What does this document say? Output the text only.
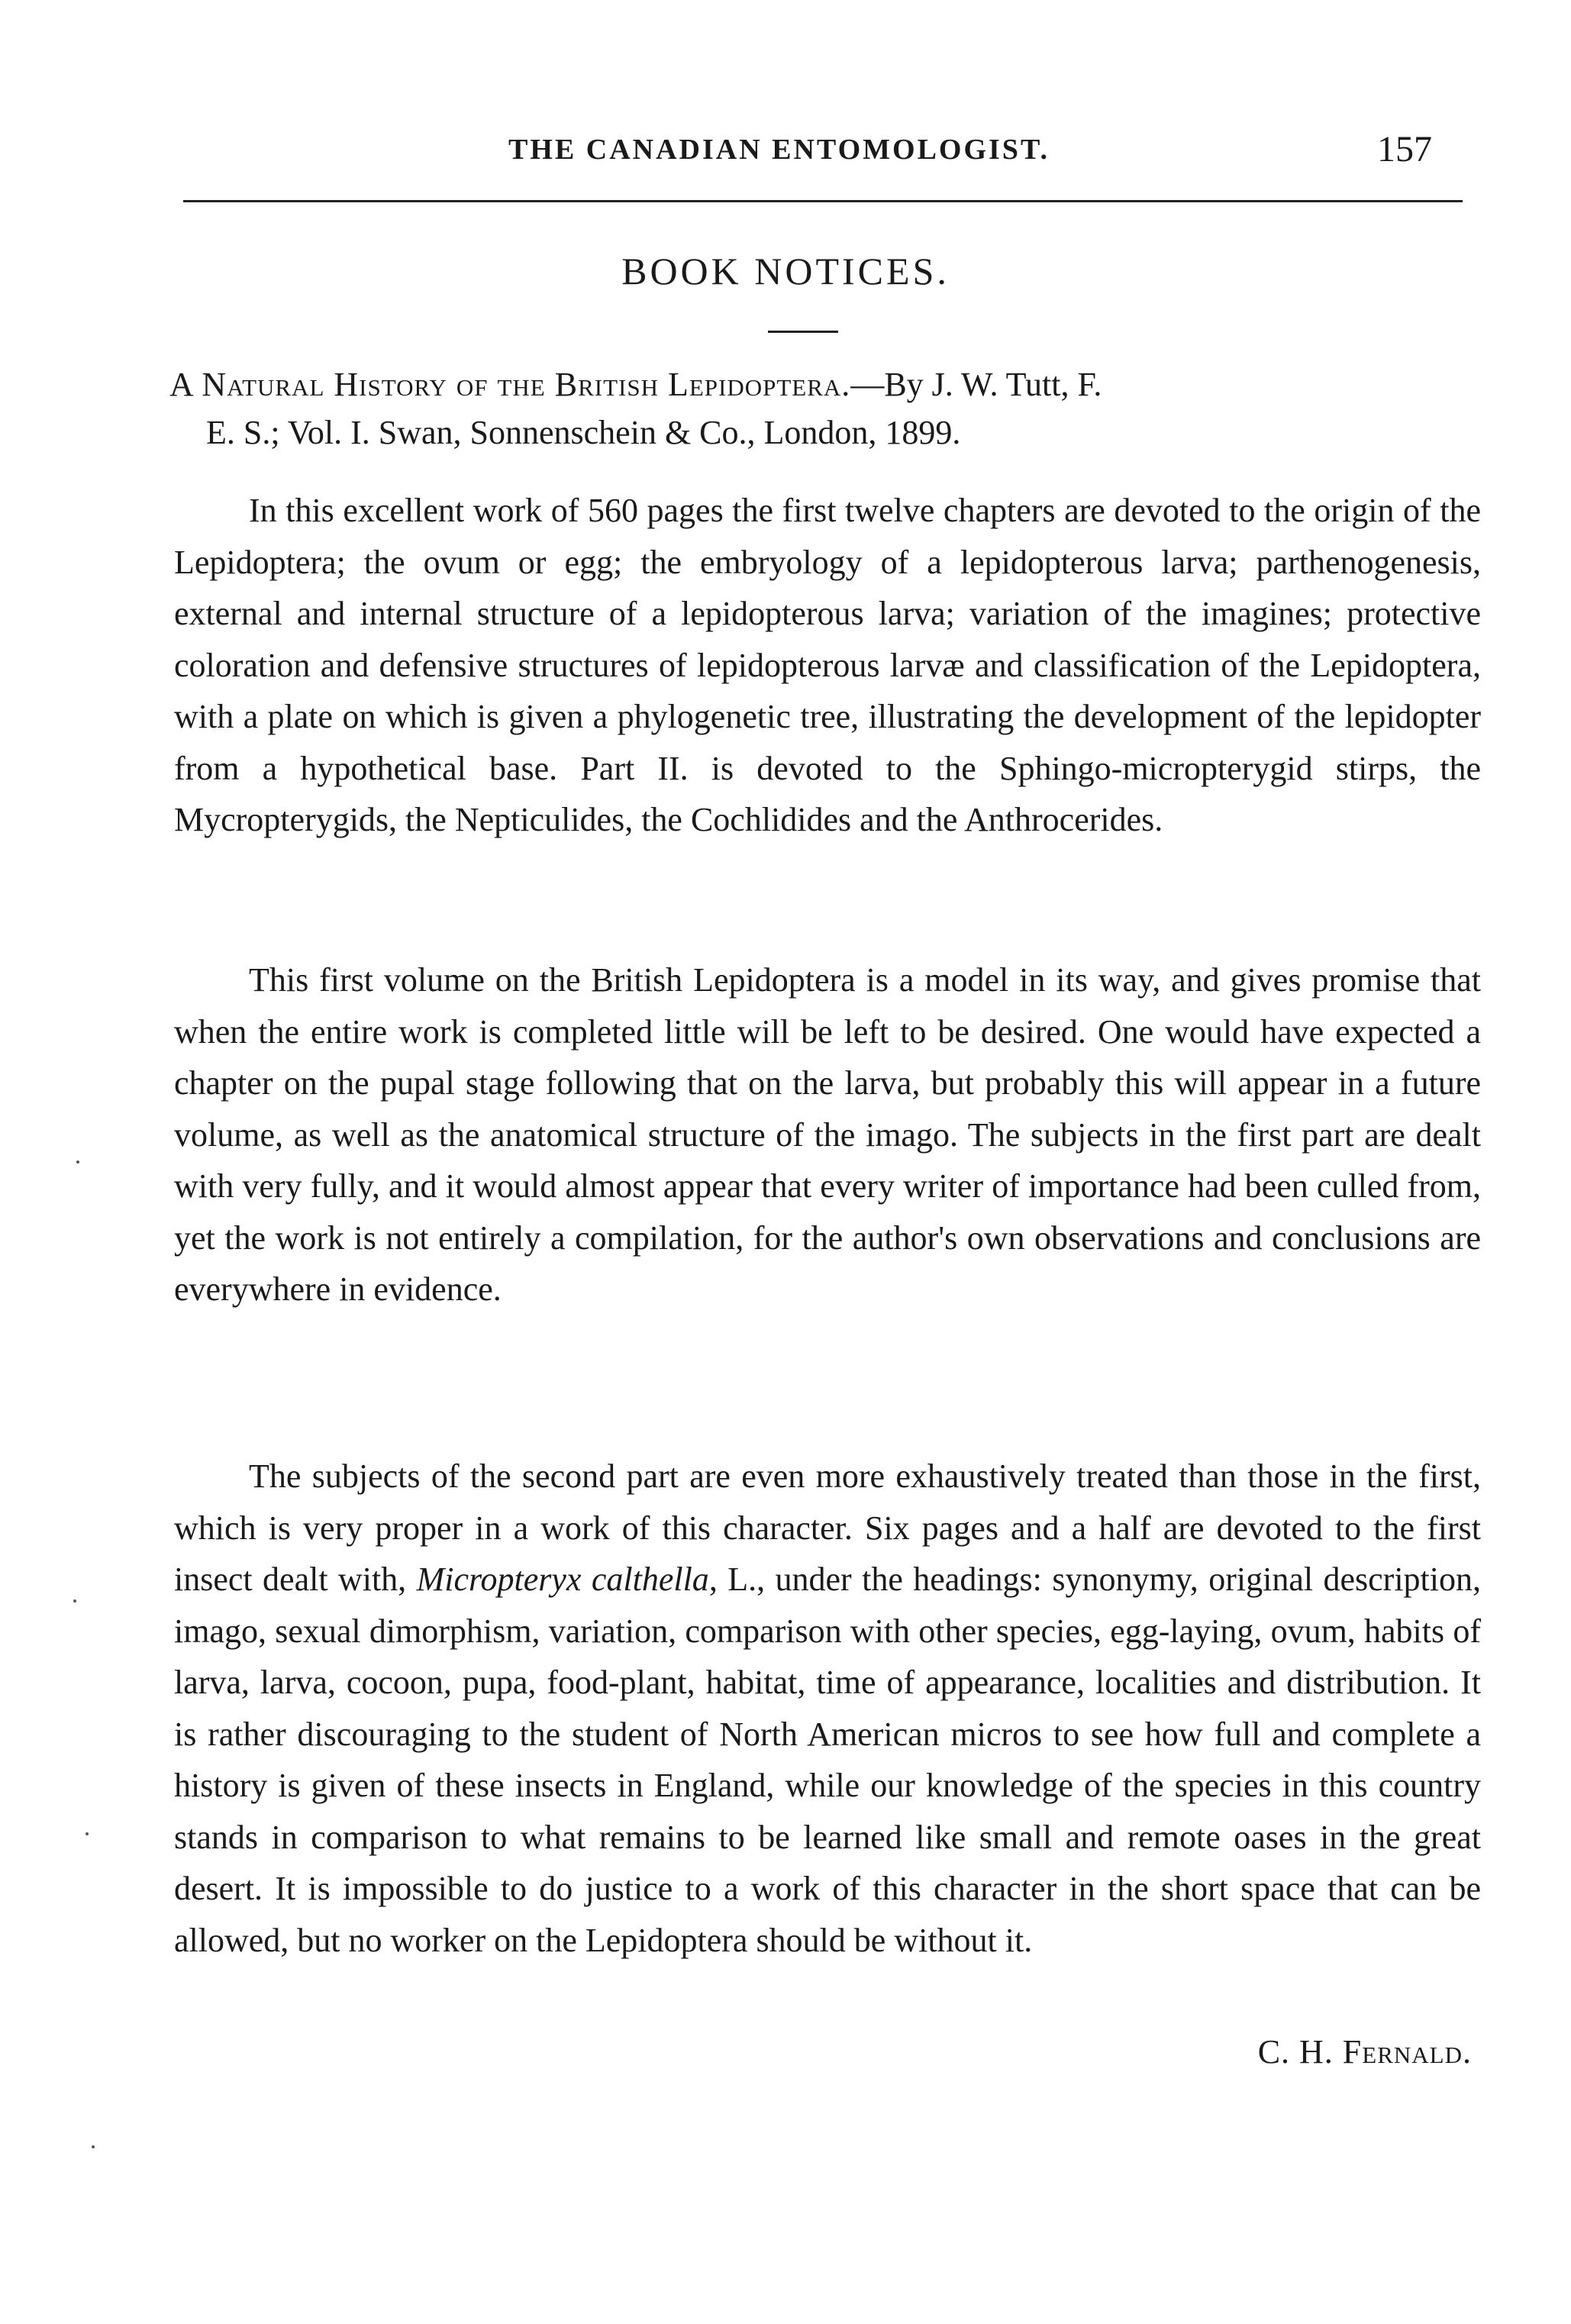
THE CANADIAN ENTOMOLOGIST.	157
BOOK NOTICES.
A Natural History of the British Lepidoptera.—By J. W. Tutt, F.
E. S.; Vol. I. Swan, Sonnenschein & Co., London, 1899.

In this excellent work of 560 pages the first twelve chapters are devoted to the origin of the Lepidoptera; the ovum or egg; the embryology of a lepidopterous larva; parthenogenesis, external and internal structure of a lepidopterous larva; variation of the imagines; protective coloration and defensive structures of lepidopterous larvæ and classification of the Lepidoptera, with a plate on which is given a phylogenetic tree, illustrating the development of the lepidopter from a hypothetical base. Part II. is devoted to the Sphingo-micropterygid stirps, the Mycropterygids, the Nepticulides, the Cochlidides and the Anthrocerides.

This first volume on the British Lepidoptera is a model in its way, and gives promise that when the entire work is completed little will be left to be desired. One would have expected a chapter on the pupal stage following that on the larva, but probably this will appear in a future volume, as well as the anatomical structure of the imago. The subjects in the first part are dealt with very fully, and it would almost appear that every writer of importance had been culled from, yet the work is not entirely a compilation, for the author's own observations and conclusions are everywhere in evidence.

The subjects of the second part are even more exhaustively treated than those in the first, which is very proper in a work of this character. Six pages and a half are devoted to the first insect dealt with, Micropteryx calthella, L., under the headings: synonymy, original description, imago, sexual dimorphism, variation, comparison with other species, egg-laying, ovum, habits of larva, larva, cocoon, pupa, food-plant, habitat, time of appearance, localities and distribution. It is rather discouraging to the student of North American micros to see how full and complete a history is given of these insects in England, while our knowledge of the species in this country stands in comparison to what remains to be learned like small and remote oases in the great desert. It is impossible to do justice to a work of this character in the short space that can be allowed, but no worker on the Lepidoptera should be without it.

C. H. Fernald.
